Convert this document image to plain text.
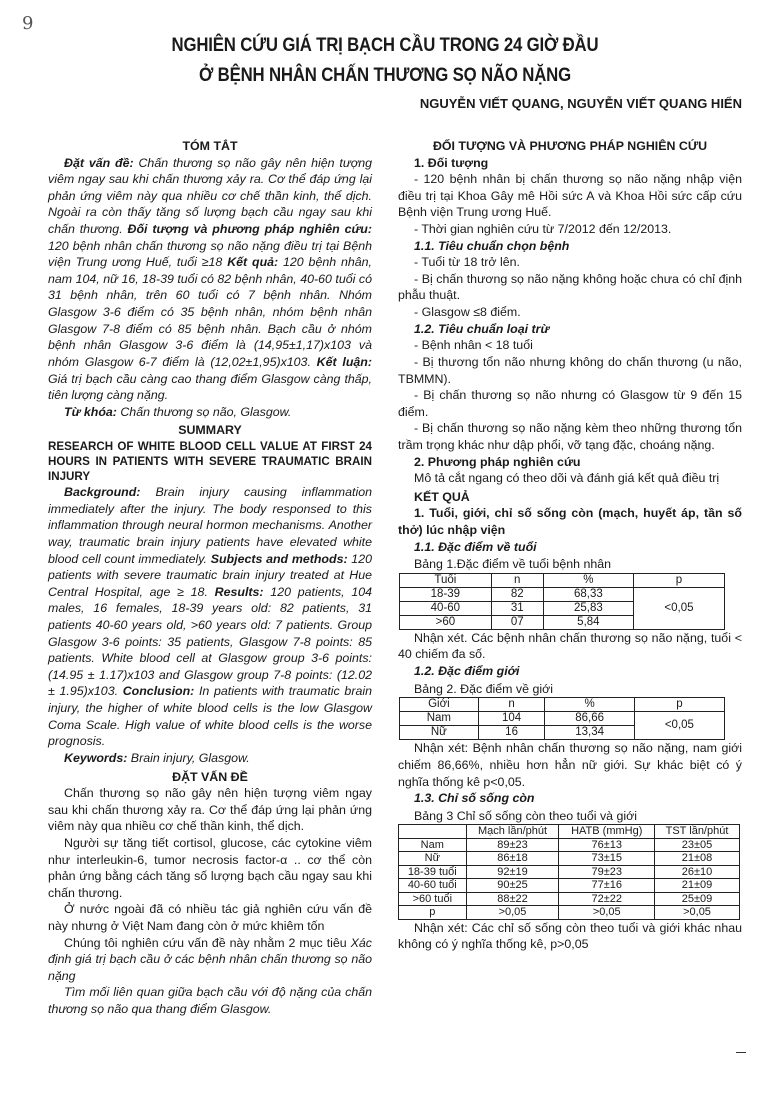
9
NGHIÊN CỨU GIÁ TRỊ BẠCH CẦU TRONG 24 GIỜ ĐẦU
Ở BỆNH NHÂN CHẤN THƯƠNG SỌ NÃO NẶNG
NGUYỄN VIẾT QUANG, NGUYỄN VIẾT QUANG HIỂN
TÓM TẮT

Đặt vấn đề: Chấn thương sọ não gây nên hiện tượng viêm ngay sau khi chấn thương xảy ra. Cơ thể đáp ứng lại phản ứng viêm này qua nhiều cơ chế thần kinh, thể dịch. Ngoài ra còn thấy tăng số lượng bạch cầu ngay sau khi chấn thương. Đối tượng và phương pháp nghiên cứu: 120 bệnh nhân chấn thương sọ não nặng điều trị tại Bệnh viện Trung ương Huế, tuổi ≥18 Kết quả: 120 bệnh nhân, nam 104, nữ 16, 18-39 tuổi có 82 bệnh nhân, 40-60 tuổi có 31 bệnh nhân, trên 60 tuổi có 7 bệnh nhân. Nhóm Glasgow 3-6 điểm có 35 bệnh nhân, nhóm bệnh nhân Glasgow 7-8 điểm có 85 bệnh nhân. Bạch cầu ở nhóm bệnh nhân Glasgow 3-6 điểm là (14,95±1,17)x103 và nhóm Glasgow 6-7 điểm là (12,02±1,95)x103. Kết luận: Giá trị bạch cầu càng cao thang điểm Glasgow càng thấp, tiên lượng càng nặng.

Từ khóa: Chấn thương sọ não, Glasgow.

SUMMARY
RESEARCH OF WHITE BLOOD CELL VALUE AT FIRST 24 HOURS IN PATIENTS WITH SEVERE TRAUMATIC BRAIN INJURY

Background: Brain injury causing inflammation immediately after the injury. The body responsed to this inflammation through neural hormon mechanisms. Another way, traumatic brain injury patients have elevated white blood cell count immediately. Subjects and methods: 120 patients with severe traumatic brain injury treated at Hue Central Hospital, age ≥ 18. Results: 120 patients, 104 males, 16 females, 18-39 years old: 82 patients, 31 patients 40-60 years old, >60 years old: 7 patients. Group Glasgow 3-6 points: 35 patients, Glasgow 7-8 points: 85 patients. White blood cell at Glasgow group 3-6 points: (14.95 ± 1.17)x103 and Glasgow group 7-8 points: (12.02 ± 1.95)x103. Conclusion: In patients with traumatic brain injury, the higher of white blood cells is the low Glasgow Coma Scale. High value of white blood cells is the worse prognosis.

Keywords: Brain injury, Glasgow.

ĐẶT VẤN ĐỀ

Chấn thương sọ não gây nên hiện tượng viêm ngay sau khi chấn thương xảy ra. Cơ thể đáp ứng lại phản ứng viêm này qua nhiều cơ chế thần kinh, thể dịch.

Người sự tăng tiết cortisol, glucose, các cytokine viêm như interleukin-6, tumor necrosis factor-α .. cơ thể còn phản ứng bằng cách tăng số lượng bạch cầu ngay sau khi chấn thương.

Ở nước ngoài đã có nhiều tác giả nghiên cứu vấn đề này nhưng ở Việt Nam đang còn ở mức khiêm tốn

Chúng tôi nghiên cứu vấn đề này nhằm 2 mục tiêu Xác định giá trị bạch cầu ở các bệnh nhân chấn thương sọ não nặng

Tìm mối liên quan giữa bạch cầu với độ nặng của chấn thương sọ não qua thang điểm Glasgow.

ĐỐI TƯỢNG VÀ PHƯƠNG PHÁP NGHIÊN CỨU
1. Đối tượng

- 120 bệnh nhân bị chấn thương sọ não nặng nhập viện điều trị tại Khoa Gây mê Hồi sức A và Khoa Hồi sức cấp cứu Bệnh viện Trung ương Huế.

- Thời gian nghiên cứu từ 7/2012 đến 12/2013.

1.1. Tiêu chuẩn chọn bệnh

- Tuổi từ 18 trở lên.

- Bị chấn thương sọ não nặng không hoặc chưa có chỉ định phẫu thuật.

- Glasgow ≤8 điểm.

1.2. Tiêu chuẩn loại trừ

- Bệnh nhân < 18 tuổi

- Bị thương tổn não nhưng không do chấn thương (u não, TBMMN).

- Bị chấn thương sọ não nhưng có Glasgow từ 9 đến 15 điểm.

- Bị chấn thương sọ não nặng kèm theo những thương tổn trầm trọng khác như dập phổi, vỡ tạng đặc, choáng nặng.

2. Phương pháp nghiên cứu

Mô tả cắt ngang có theo dõi và đánh giá kết quả điều trị

KẾT QUẢ
1. Tuổi, giới, chỉ số sống còn (mạch, huyết áp, tần số thở) lúc nhập viện
1.1. Đặc điểm về tuổi
Bảng 1.Đặc điểm về tuổi bệnh nhân
Tuổi	n	%	p
18-39	82	68,33	<0,05
40-60	31	25,83	
>60	07	5,84	

Nhận xét. Các bệnh nhân chấn thương sọ não nặng, tuổi < 40 chiếm đa số.

1.2. Đặc điểm giới
Bảng 2. Đặc điểm về giới
Giới	n	%	p
Nam	104	86,66	<0,05
Nữ	16	13,34	

Nhận xét: Bệnh nhân chấn thương sọ não nặng, nam giới chiếm 86,66%, nhiều hơn hẳn nữ giới. Sự khác biệt có ý nghĩa thống kê p<0,05.

1.3. Chỉ số sống còn
Bảng 3 Chỉ số sống còn theo tuổi và giới
	Mạch lần/phút	HATB (mmHg)	TST lần/phút
Nam	89±23	76±13	23±05
Nữ	86±18	73±15	21±08
18-39 tuổi	92±19	79±23	26±10
40-60 tuổi	90±25	77±16	21±09
>60 tuổi	88±22	72±22	25±09
p	>0,05	>0,05	>0,05

Nhận xét: Các chỉ số sống còn theo tuổi và giới khác nhau không có ý nghĩa thống kê, p>0,05
